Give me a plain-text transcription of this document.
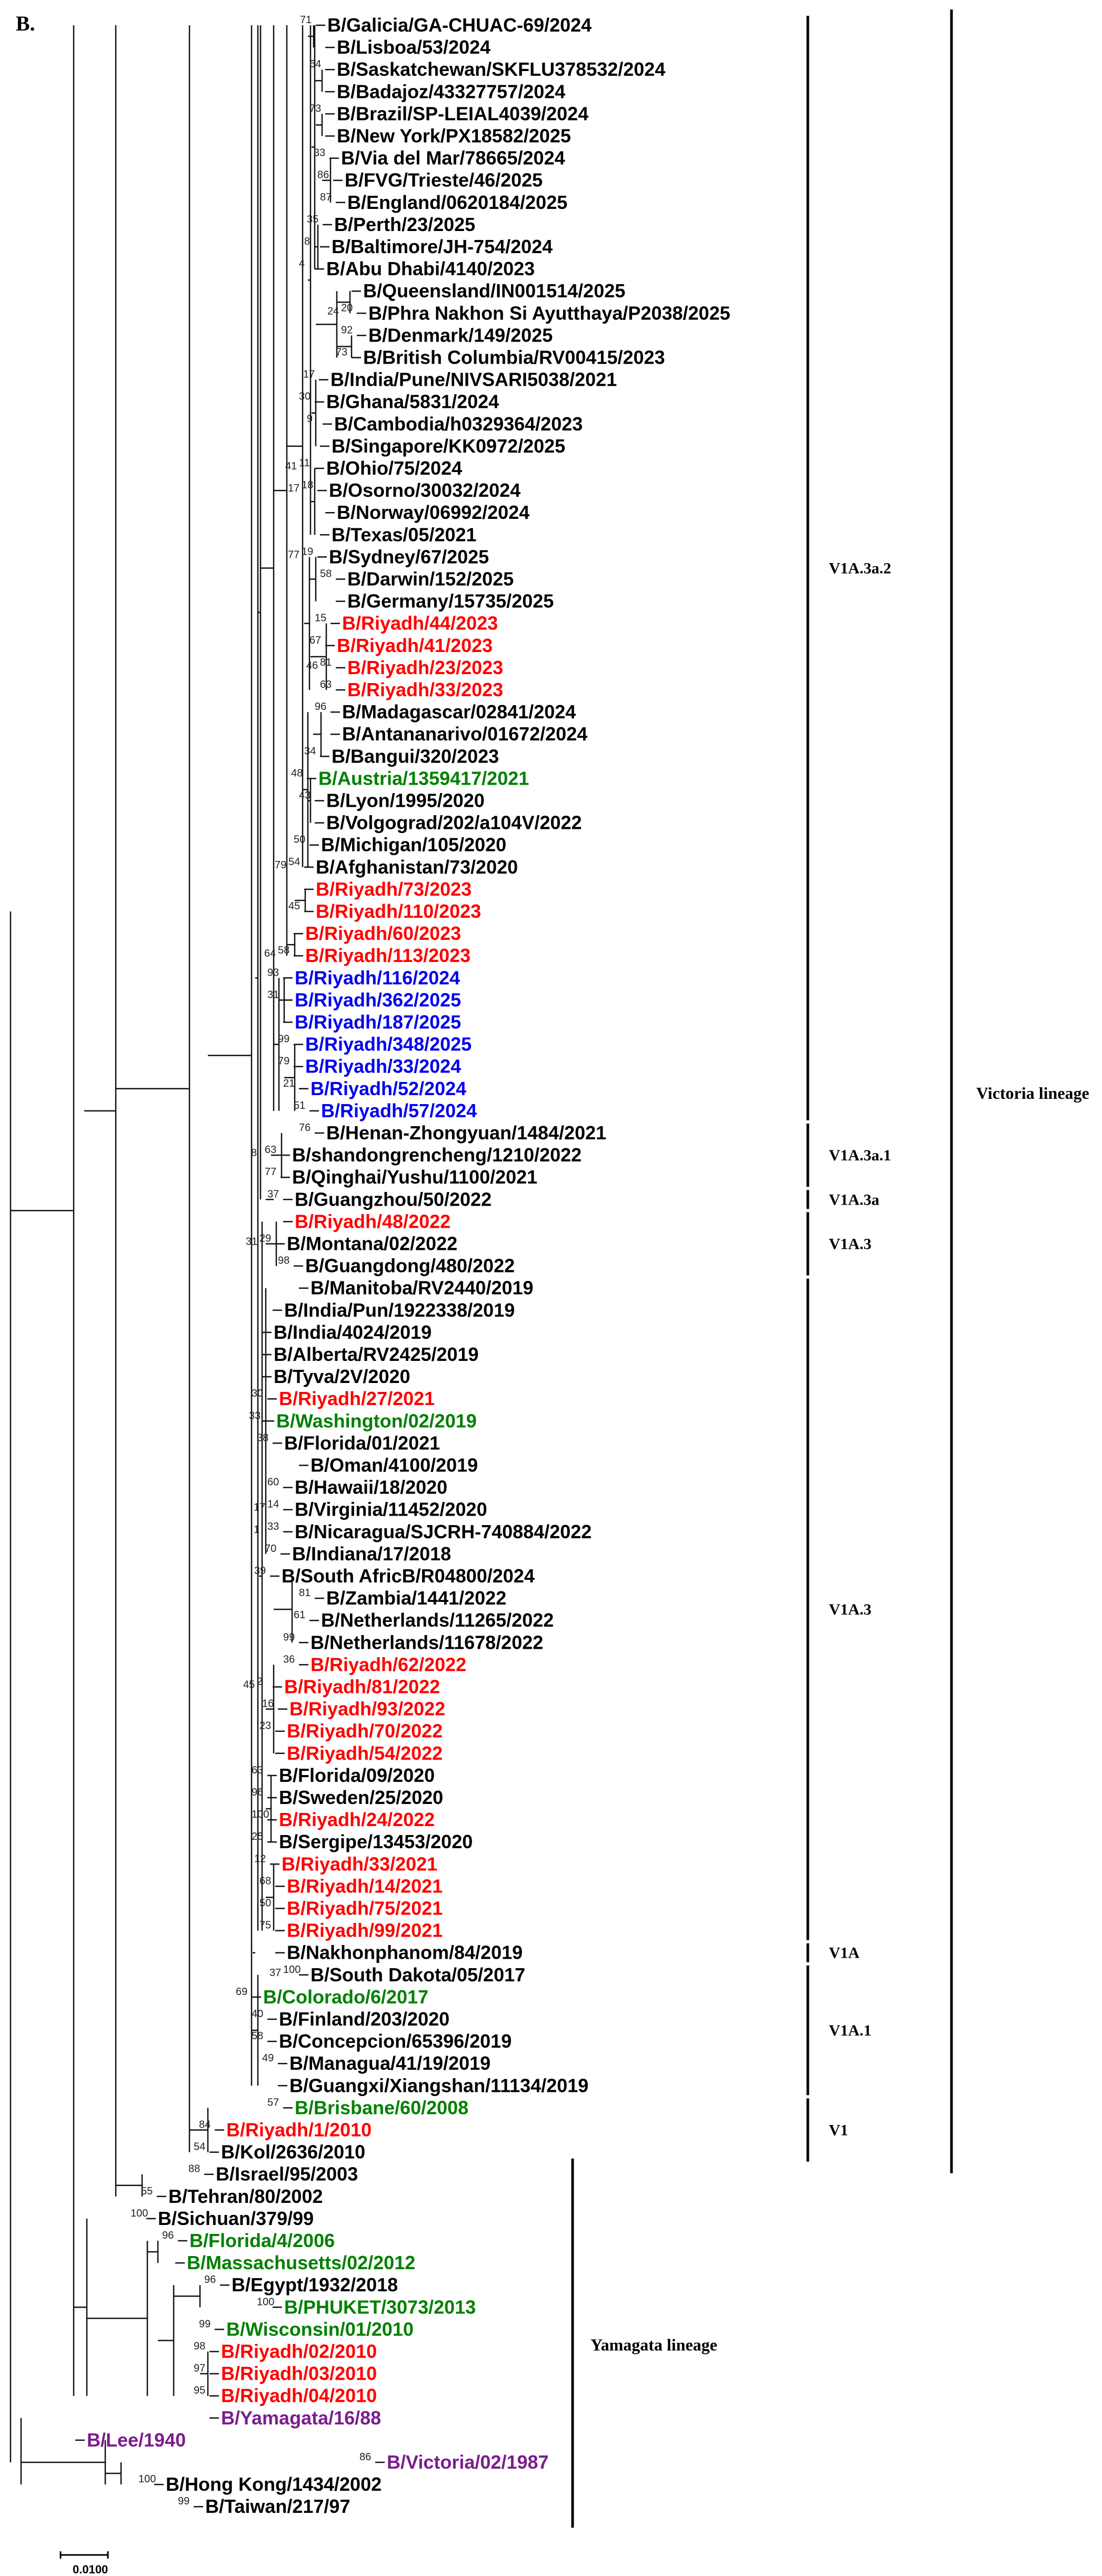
B.	B/Galicia/GA-CHUAC-69/2024
B/Lisboa/53/2024
B/Saskatchewan/SKFLU378532/2024
B/Badajoz/43327757/2024
B/Brazil/SP-LEIAL4039/2024
B/New York/PX18582/2025
B/Via del Mar/78665/2024
B/FVG/Trieste/46/2025
B/England/0620184/2025
B/Perth/23/2025
B/Baltimore/JH-754/2024
B/Abu Dhabi/4140/2023
B/Queensland/IN001514/2025
B/Phra Nakhon Si Ayutthaya/P2038/2025
B/Denmark/149/2025
B/British Columbia/RV00415/2023
B/India/Pune/NIVSARI5038/2021
B/Ghana/5831/2024
B/Cambodia/h0329364/2023
B/Singapore/KK0972/2025
B/Ohio/75/2024
B/Osorno/30032/2024
B/Norway/06992/2024
B/Texas/05/2021
B/Sydney/67/2025
B/Darwin/152/2025
B/Germany/15735/2025
B/Riyadh/44/2023
B/Riyadh/41/2023
B/Riyadh/23/2023
B/Riyadh/33/2023
B/Madagascar/02841/2024
B/Antananarivo/01672/2024
B/Bangui/320/2023
B/Austria/1359417/2021
B/Lyon/1995/2020
B/Volgograd/202/a104V/2022
B/Michigan/105/2020
B/Afghanistan/73/2020
B/Riyadh/73/2023
B/Riyadh/110/2023
B/Riyadh/60/2023
B/Riyadh/113/2023
B/Riyadh/116/2024
B/Riyadh/362/2025
B/Riyadh/187/2025
B/Riyadh/348/2025
B/Riyadh/33/2024
B/Riyadh/52/2024
B/Riyadh/57/2024
B/Henan-Zhongyuan/1484/2021
B/shandongrencheng/1210/2022
B/Qinghai/Yushu/1100/2021
B/Guangzhou/50/2022
B/Riyadh/48/2022
B/Montana/02/2022
B/Guangdong/480/2022
B/Manitoba/RV2440/2019
B/India/Pun/1922338/2019
B/India/4024/2019
B/Alberta/RV2425/2019
B/Tyva/2V/2020
B/Riyadh/27/2021
B/Washington/02/2019
B/Florida/01/2021
B/Oman/4100/2019
B/Hawaii/18/2020
B/Virginia/11452/2020
B/Nicaragua/SJCRH-740884/2022
B/Indiana/17/2018
B/South AfricB/R04800/2024
B/Zambia/1441/2022
B/Netherlands/11265/2022
B/Netherlands/11678/2022
B/Riyadh/62/2022
B/Riyadh/81/2022
B/Riyadh/93/2022
B/Riyadh/70/2022
B/Riyadh/54/2022
B/Florida/09/2020
B/Sweden/25/2020
B/Riyadh/24/2022
B/Sergipe/13453/2020
B/Riyadh/33/2021
B/Riyadh/14/2021
B/Riyadh/75/2021
B/Riyadh/99/2021
B/Nakhonphanom/84/2019
B/South Dakota/05/2017
B/Colorado/6/2017
B/Finland/203/2020
B/Concepcion/65396/2019
B/Managua/41/19/2019
B/Guangxi/Xiangshan/11134/2019
B/Brisbane/60/2008
B/Riyadh/1/2010
B/Kol/2636/2010
B/Israel/95/2003
B/Tehran/80/2002
B/Sichuan/379/99
B/Florida/4/2006
B/Massachusetts/02/2012
B/Egypt/1932/2018
B/PHUKET/3073/2013
B/Wisconsin/01/2010
B/Riyadh/02/2010
B/Riyadh/03/2010
B/Riyadh/04/2010
B/Yamagata/16/88
B/Lee/1940
B/Victoria/02/1987
B/Hong Kong/1434/2002
B/Taiwan/217/97
71
64
73
33
86
87
35
8
4
20
24
92
73
17
30
9
11
41
18
17
19
77
58
15
67
81
63
46
96
34
48
43
50
54
79
45
58
64
93
31
99
79
21
51
76
63
8
77
37
29
31
98
30
33
38
60
14
17
33
1
70
39
81
61
99
36
2
45
16
23
63
96
100
25
12
68
50
75
100
37
69
40
58
49
57
84
54
88
55
100
96
96
100
99
98
97
95
86
100
99
V1A.3a.2
V1A.3a.1
V1A.3a
V1A.3
V1A.3
V1A
V1A.1
V1
Victoria lineage
Yamagata lineage
0.0100
